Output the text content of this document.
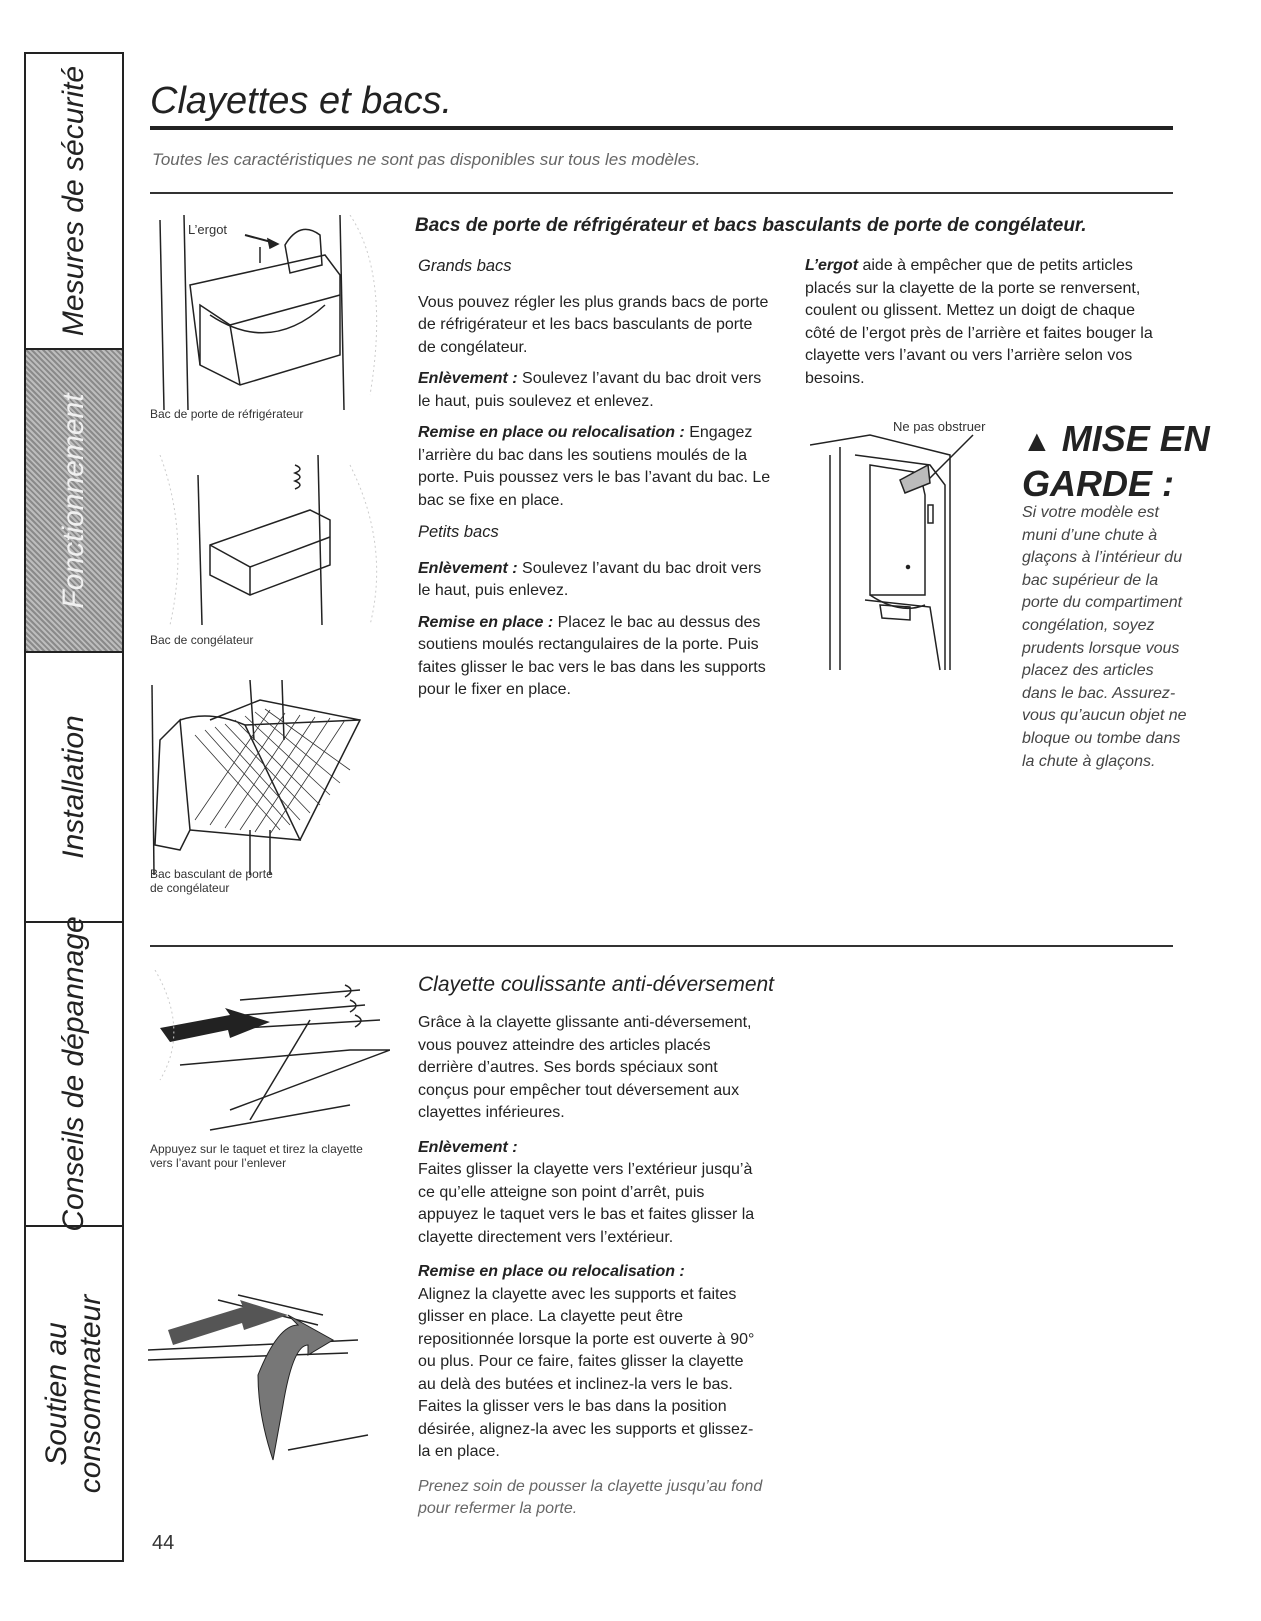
Mesures de sécurité
Fonctionnement
Installation
Conseils de dépannage
Soutien au
consommateur
Clayettes et bacs.
Toutes les caractéristiques ne sont pas disponibles sur tous les modèles.
Bacs de porte de réfrigérateur et bacs basculants de porte de congélateur.
L’ergot
Bac de porte de réfrigérateur
Bac de congélateur
Bac basculant de porte
de congélateur

Grands bacs

Vous pouvez régler les plus grands bacs de porte de réfrigérateur et les bacs basculants de porte de congélateur.

Enlèvement : Soulevez l’avant du bac droit vers le haut, puis soulevez et enlevez.

Remise en place ou relocalisation : Engagez l’arrière du bac dans les soutiens moulés de la porte. Puis poussez vers le bas l’avant du bac. Le bac se fixe en place.

Petits bacs

Enlèvement : Soulevez l’avant du bac droit vers le haut, puis enlevez.

Remise en place : Placez le bac au dessus des soutiens moulés rectangulaires de la porte. Puis faites glisser le bac vers le bas dans les supports pour le fixer en place.

L’ergot aide à empêcher que de petits articles placés sur la clayette de la porte se renversent, coulent ou glissent. Mettez un doigt de chaque côté de l’ergot près de l’arrière et faites bouger la clayette vers l’avant ou vers l’arrière selon vos besoins.

Ne pas obstruer ▲ MISE EN
GARDE :
Si votre modèle est muni d’une chute à glaçons à l’intérieur du bac supérieur de la porte du compartiment congélation, soyez prudents lorsque vous placez des articles dans le bac. Assurez-vous qu’aucun objet ne bloque ou tombe dans la chute à glaçons.
Clayette coulissante anti-déversement
Appuyez sur le taquet et tirez la clayette vers l’avant pour l’enlever

Grâce à la clayette glissante anti-déversement, vous pouvez atteindre des articles placés derrière d’autres. Ses bords spéciaux sont conçus pour empêcher tout déversement aux clayettes inférieures.

Enlèvement :

Faites glisser la clayette vers l’extérieur jusqu’à ce qu’elle atteigne son point d’arrêt, puis appuyez le taquet vers le bas et faites glisser la clayette directement vers l’extérieur.

Remise en place ou relocalisation :

Alignez la clayette avec les supports et faites glisser en place. La clayette peut être repositionnée lorsque la porte est ouverte à 90° ou plus. Pour ce faire, faites glisser la clayette au delà des butées et inclinez-la vers le bas. Faites la glisser vers le bas dans la position désirée, alignez-la avec les supports et glissez-la en place.

Prenez soin de pousser la clayette jusqu’au fond pour refermer la porte.

44
